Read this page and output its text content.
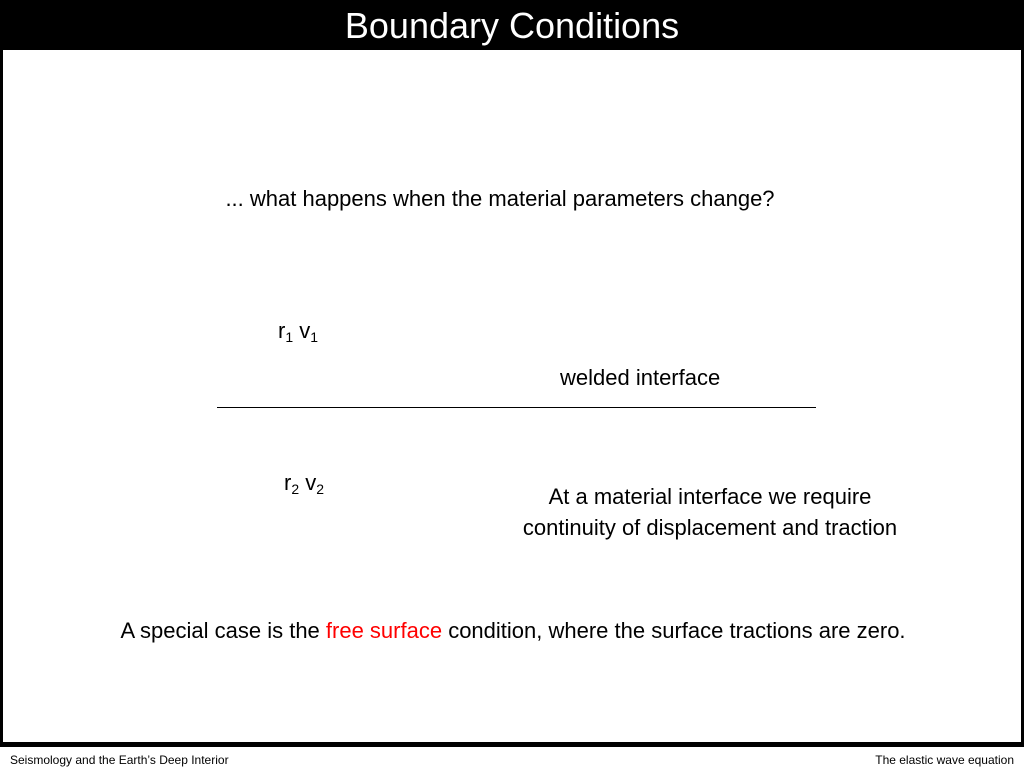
Boundary Conditions
... what happens when the material parameters change?
$r_1$ $v_1$
welded interface
$r_2$ $v_2$	At a material interface we require continuity of displacement and traction
A special case is the free surface condition, where the surface tractions are zero.
Seismology and the Earth’s Deep Interior	The elastic wave equation
